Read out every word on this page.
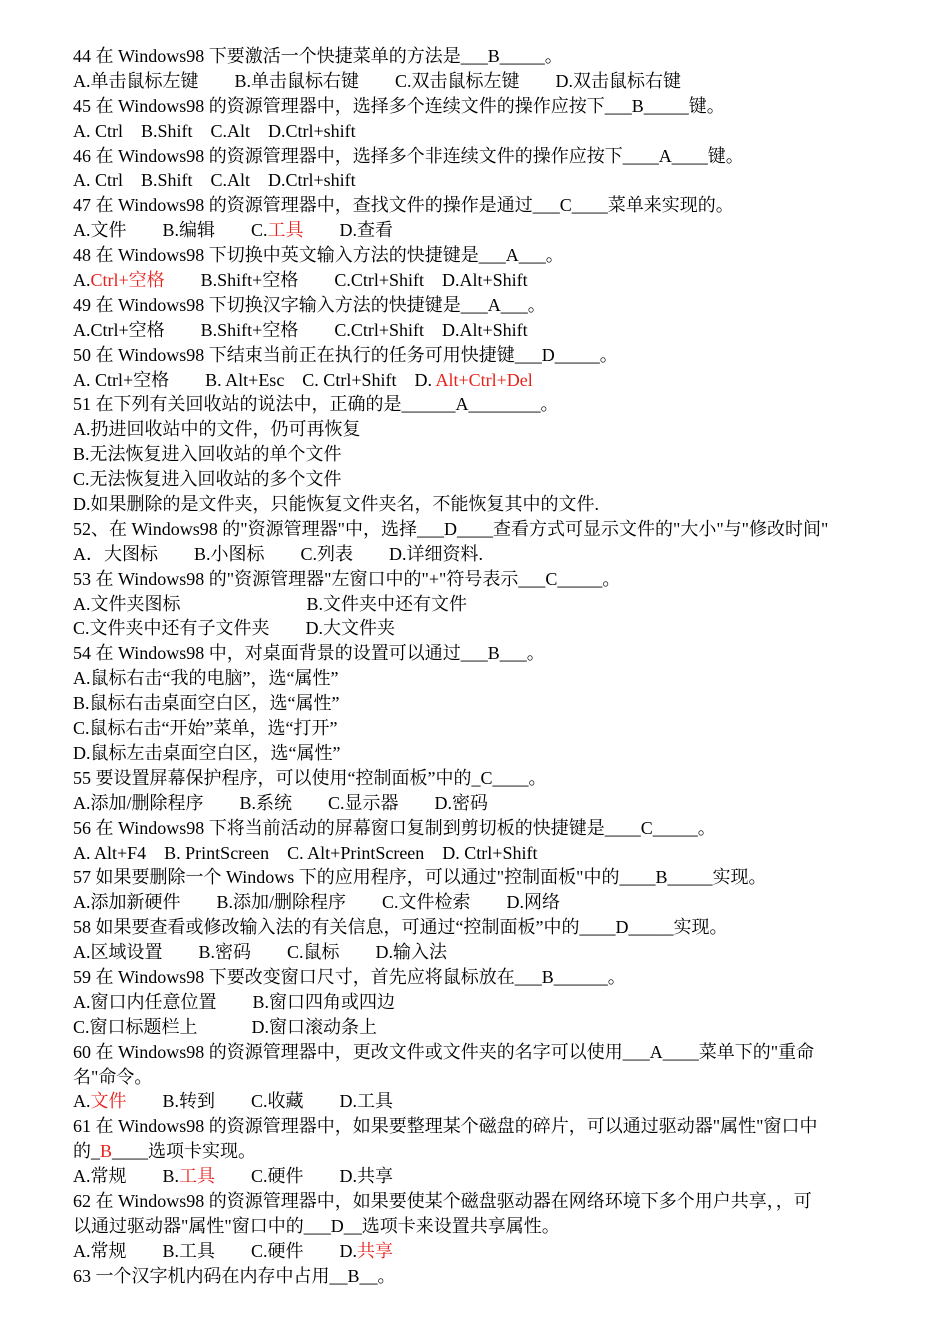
44 在 Windows98 下要激活一个快捷菜单的方法是___B_____。
A.单击鼠标左键　　B.单击鼠标右键　　C.双击鼠标左键　　D.双击鼠标右键
45 在 Windows98 的资源管理器中，选择多个连续文件的操作应按下___B_____键。
A. Ctrl　B.Shift　C.Alt　D.Ctrl+shift
46 在 Windows98 的资源管理器中，选择多个非连续文件的操作应按下____A____键。
A. Ctrl　B.Shift　C.Alt　D.Ctrl+shift
47 在 Windows98 的资源管理器中，查找文件的操作是通过___C____菜单来实现的。
A.文件　　B.编辑　　C.工具　　D.查看
48 在 Windows98 下切换中英文输入方法的快捷键是___A___。
A.Ctrl+空格　　B.Shift+空格　　C.Ctrl+Shift　D.Alt+Shift
49 在 Windows98 下切换汉字输入方法的快捷键是___A___。
A.Ctrl+空格　　B.Shift+空格　　C.Ctrl+Shift　D.Alt+Shift
50 在 Windows98 下结束当前正在执行的任务可用快捷键___D_____。
A. Ctrl+空格　　B. Alt+Esc　C. Ctrl+Shift　D. Alt+Ctrl+Del
51 在下列有关回收站的说法中，正确的是______A________。
A.扔进回收站中的文件，仍可再恢复
B.无法恢复进入回收站的单个文件
C.无法恢复进入回收站的多个文件
D.如果删除的是文件夹，只能恢复文件夹名，不能恢复其中的文件.
52、在 Windows98 的"资源管理器"中，选择___D____查看方式可显示文件的"大小"与"修改时间"
A．大图标　　B.小图标　　C.列表　　D.详细资料.
53 在 Windows98 的"资源管理器"左窗口中的"+"符号表示___C_____。
A.文件夹图标　　　　　　　B.文件夹中还有文件
C.文件夹中还有子文件夹　　D.大文件夹
54 在 Windows98 中，对桌面背景的设置可以通过___B___。
A.鼠标右击“我的电脑”，选“属性”
B.鼠标右击桌面空白区，选“属性”
C.鼠标右击“开始”菜单，选“打开”
D.鼠标左击桌面空白区，选“属性”
55 要设置屏幕保护程序，可以使用“控制面板”中的_C____。
A.添加/删除程序　　B.系统　　C.显示器　　D.密码
56 在 Windows98 下将当前活动的屏幕窗口复制到剪切板的快捷键是____C_____。
A. Alt+F4　B. PrintScreen　C. Alt+PrintScreen　D. Ctrl+Shift
57 如果要删除一个 Windows 下的应用程序，可以通过"控制面板"中的____B_____实现。
A.添加新硬件　　B.添加/删除程序　　C.文件检索　　D.网络
58 如果要查看或修改输入法的有关信息，可通过“控制面板”中的____D_____实现。
A.区域设置　　B.密码　　C.鼠标　　D.输入法
59 在 Windows98 下要改变窗口尺寸，首先应将鼠标放在___B______。
A.窗口内任意位置　　B.窗口四角或四边
C.窗口标题栏上　　　D.窗口滚动条上
60 在 Windows98 的资源管理器中，更改文件或文件夹的名字可以使用___A____菜单下的"重命
名"命令。
A.文件　　B.转到　　C.收藏　　D.工具
61 在 Windows98 的资源管理器中，如果要整理某个磁盘的碎片，可以通过驱动器"属性"窗口中
的_B____选项卡实现。
A.常规　　B.工具　　C.硬件　　D.共享
62 在 Windows98 的资源管理器中，如果要使某个磁盘驱动器在网络环境下多个用户共享，，可
以通过驱动器"属性"窗口中的___D__选项卡来设置共享属性。
A.常规　　B.工具　　C.硬件　　D.共享
63 一个汉字机内码在内存中占用__B__。
